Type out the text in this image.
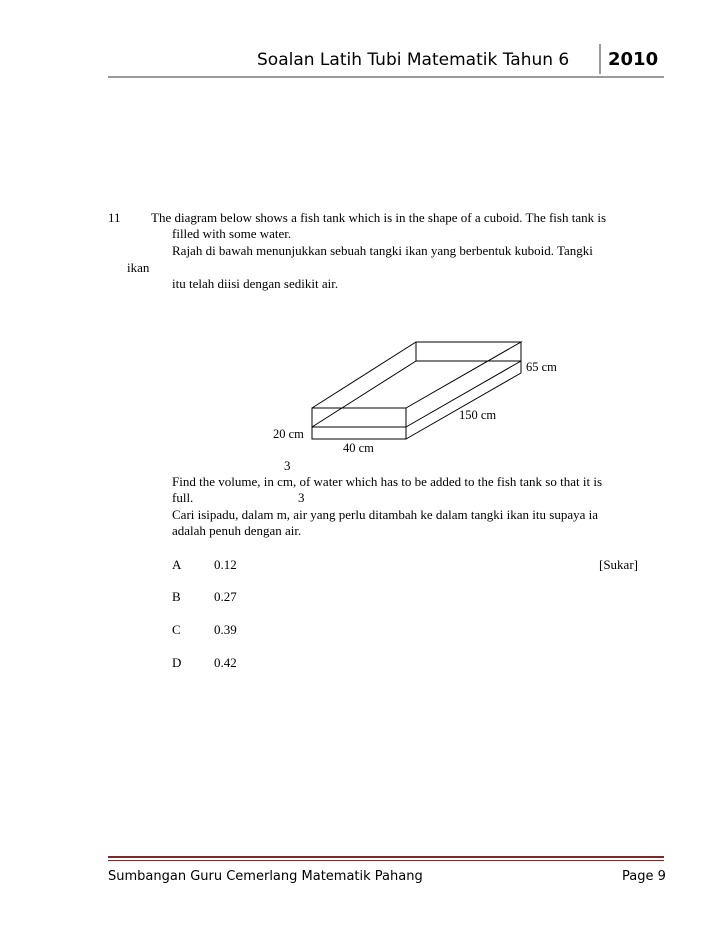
Soalan Latih Tubi Matematik Tahun 6 2010
11 The diagram below shows a fish tank which is in the shape of a cuboid. The fish tank is
filled with some water.
Rajah di bawah menunjukkan sebuah tangki ikan yang berbentuk kuboid. Tangki
ikan
itu telah diisi dengan sedikit air.
65 cm
150 cm
20 cm
40 cm
3
Find the volume, in cm, of water which has to be added to the fish tank so that it is
full.	3
Cari isipadu, dalam m, air yang perlu ditambah ke dalam tangki ikan itu supaya ia
adalah penuh dengan air.
A	0.12	[Sukar]
B	0.27
C	0.39
D	0.42
Sumbangan Guru Cemerlang Matematik Pahang	Page 9
